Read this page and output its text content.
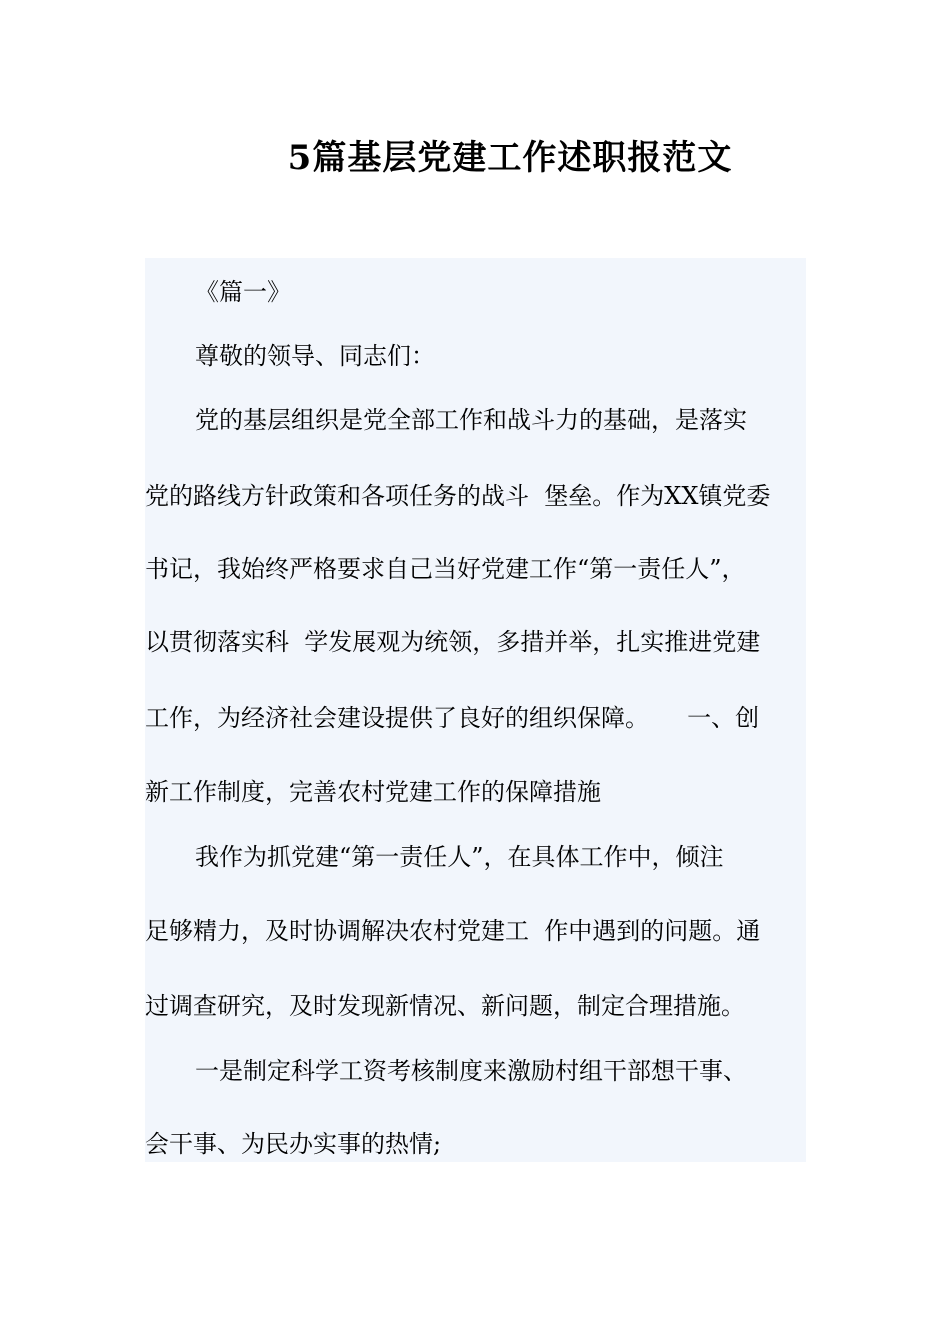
5篇基层党建工作述职报范文
《篇一》
尊敬的领导、同志们：
党的基层组织是党全部工作和战斗力的基础，是落实
党的路线方针政策和各项任务的战斗  堡垒。作为XX镇党委
书记，我始终严格要求自己当好党建工作“第一责任人”，
以贯彻落实科  学发展观为统领，多措并举，扎实推进党建
工作，为经济社会建设提供了良好的组织保障。     一、创
新工作制度，完善农村党建工作的保障措施
我作为抓党建“第一责任人”，在具体工作中，倾注
足够精力，及时协调解决农村党建工  作中遇到的问题。通
过调查研究，及时发现新情况、新问题，制定合理措施。
一是制定科学工资考核制度来激励村组干部想干事、
会干事、为民办实事的热情;
